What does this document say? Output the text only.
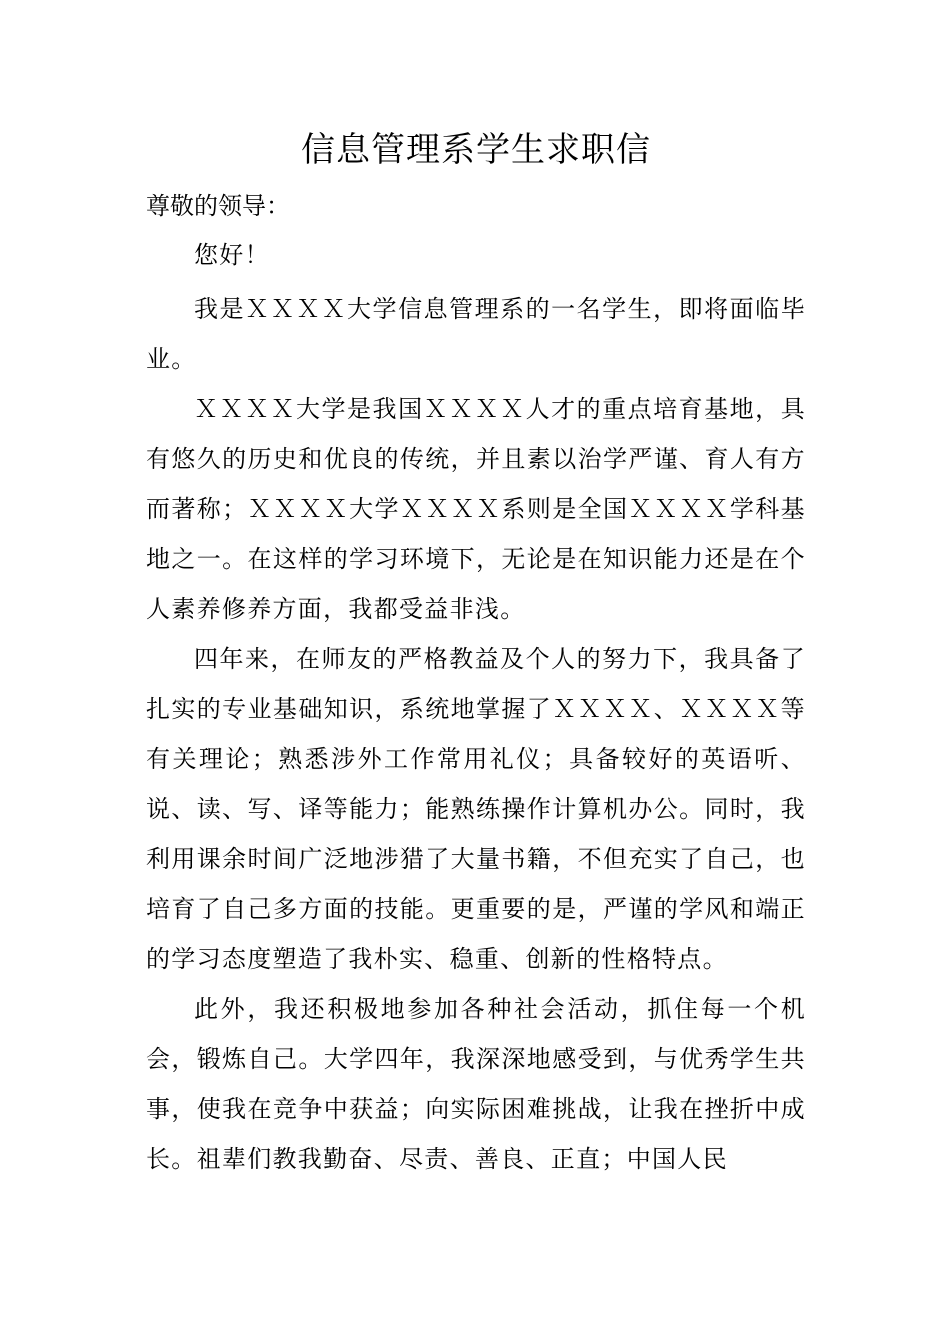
信息管理系学生求职信

尊敬的领导：

您好！

我是ＸＸＸＸ大学信息管理系的一名学生，即将面临毕业。

ＸＸＸＸ大学是我国ＸＸＸＸ人才的重点培育基地，具有悠久的历史和优良的传统，并且素以治学严谨、育人有方而著称；ＸＸＸＸ大学ＸＸＸＸ系则是全国ＸＸＸＸ学科基地之一。在这样的学习环境下，无论是在知识能力还是在个人素养修养方面，我都受益非浅。

四年来，在师友的严格教益及个人的努力下，我具备了扎实的专业基础知识，系统地掌握了ＸＸＸＸ、ＸＸＸＸ等有关理论；熟悉涉外工作常用礼仪；具备较好的英语听、说、读、写、译等能力；能熟练操作计算机办公。同时，我利用课余时间广泛地涉猎了大量书籍，不但充实了自己，也培育了自己多方面的技能。更重要的是，严谨的学风和端正的学习态度塑造了我朴实、稳重、创新的性格特点。

此外，我还积极地参加各种社会活动，抓住每一个机会，锻炼自己。大学四年，我深深地感受到，与优秀学生共事，使我在竞争中获益；向实际困难挑战，让我在挫折中成长。祖辈们教我勤奋、尽责、善良、正直；中国人民
